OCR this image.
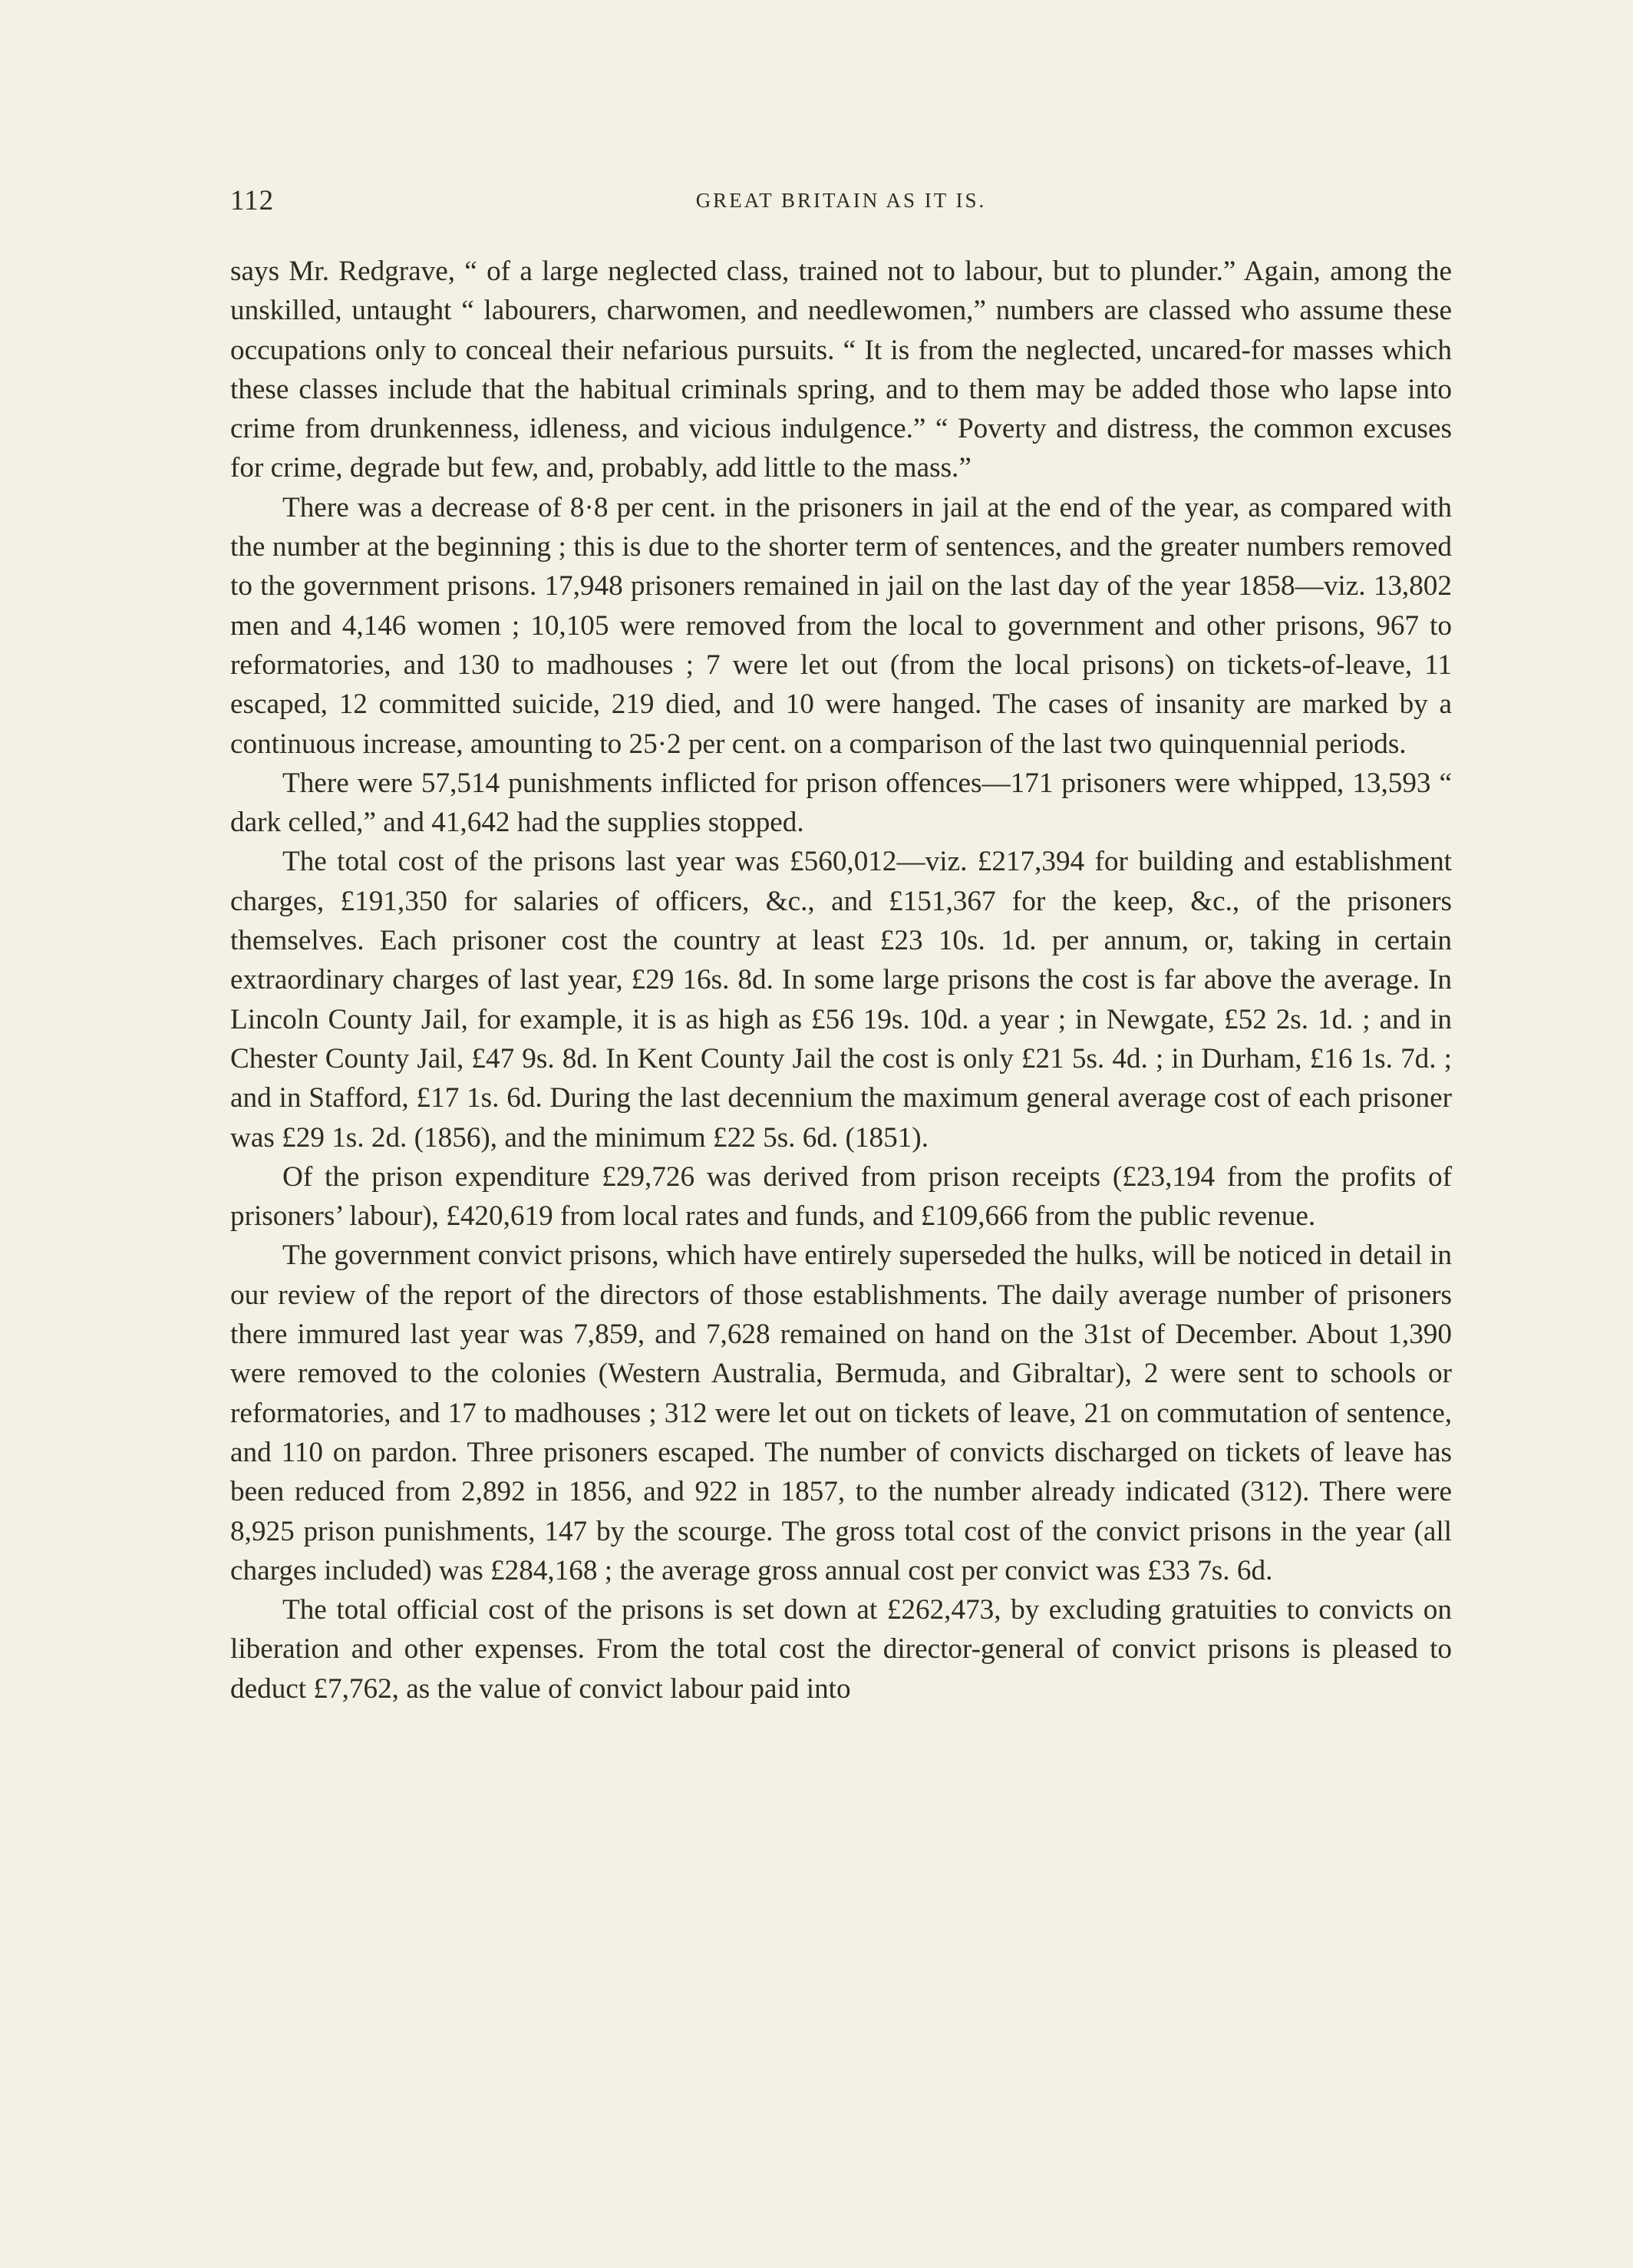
112	GREAT BRITAIN AS IT IS.

says Mr. Redgrave, “ of a large neglected class, trained not to labour, but to plunder.” Again, among the unskilled, untaught “ labourers, charwomen, and needlewomen,” numbers are classed who assume these occupations only to conceal their nefarious pursuits. “ It is from the neglected, uncared-for masses which these classes include that the habitual criminals spring, and to them may be added those who lapse into crime from drunkenness, idleness, and vicious indulgence.” “ Poverty and distress, the common excuses for crime, degrade but few, and, probably, add little to the mass.”

There was a decrease of 8·8 per cent. in the prisoners in jail at the end of the year, as compared with the number at the beginning ; this is due to the shorter term of sentences, and the greater numbers removed to the government prisons. 17,948 prisoners remained in jail on the last day of the year 1858—viz. 13,802 men and 4,146 women ; 10,105 were removed from the local to government and other prisons, 967 to reformatories, and 130 to madhouses ; 7 were let out (from the local prisons) on tickets-of-leave, 11 escaped, 12 committed suicide, 219 died, and 10 were hanged. The cases of insanity are marked by a continuous increase, amounting to 25·2 per cent. on a comparison of the last two quinquennial periods.

There were 57,514 punishments inflicted for prison offences—171 prisoners were whipped, 13,593 “ dark celled,” and 41,642 had the supplies stopped.

The total cost of the prisons last year was £560,012—viz. £217,394 for building and establishment charges, £191,350 for salaries of officers, &c., and £151,367 for the keep, &c., of the prisoners themselves. Each prisoner cost the country at least £23 10s. 1d. per annum, or, taking in certain extraordinary charges of last year, £29 16s. 8d. In some large prisons the cost is far above the average. In Lincoln County Jail, for example, it is as high as £56 19s. 10d. a year ; in Newgate, £52 2s. 1d. ; and in Chester County Jail, £47 9s. 8d. In Kent County Jail the cost is only £21 5s. 4d. ; in Durham, £16 1s. 7d. ; and in Stafford, £17 1s. 6d. During the last decennium the maximum general average cost of each prisoner was £29 1s. 2d. (1856), and the minimum £22 5s. 6d. (1851).

Of the prison expenditure £29,726 was derived from prison receipts (£23,194 from the profits of prisoners’ labour), £420,619 from local rates and funds, and £109,666 from the public revenue.

The government convict prisons, which have entirely superseded the hulks, will be noticed in detail in our review of the report of the directors of those establishments. The daily average number of prisoners there immured last year was 7,859, and 7,628 remained on hand on the 31st of December. About 1,390 were removed to the colonies (Western Australia, Bermuda, and Gibraltar), 2 were sent to schools or reformatories, and 17 to madhouses ; 312 were let out on tickets of leave, 21 on commutation of sentence, and 110 on pardon. Three prisoners escaped. The number of convicts discharged on tickets of leave has been reduced from 2,892 in 1856, and 922 in 1857, to the number already indicated (312). There were 8,925 prison punishments, 147 by the scourge. The gross total cost of the convict prisons in the year (all charges included) was £284,168 ; the average gross annual cost per convict was £33 7s. 6d.

The total official cost of the prisons is set down at £262,473, by excluding gratuities to convicts on liberation and other expenses. From the total cost the director-general of convict prisons is pleased to deduct £7,762, as the value of convict labour paid into
